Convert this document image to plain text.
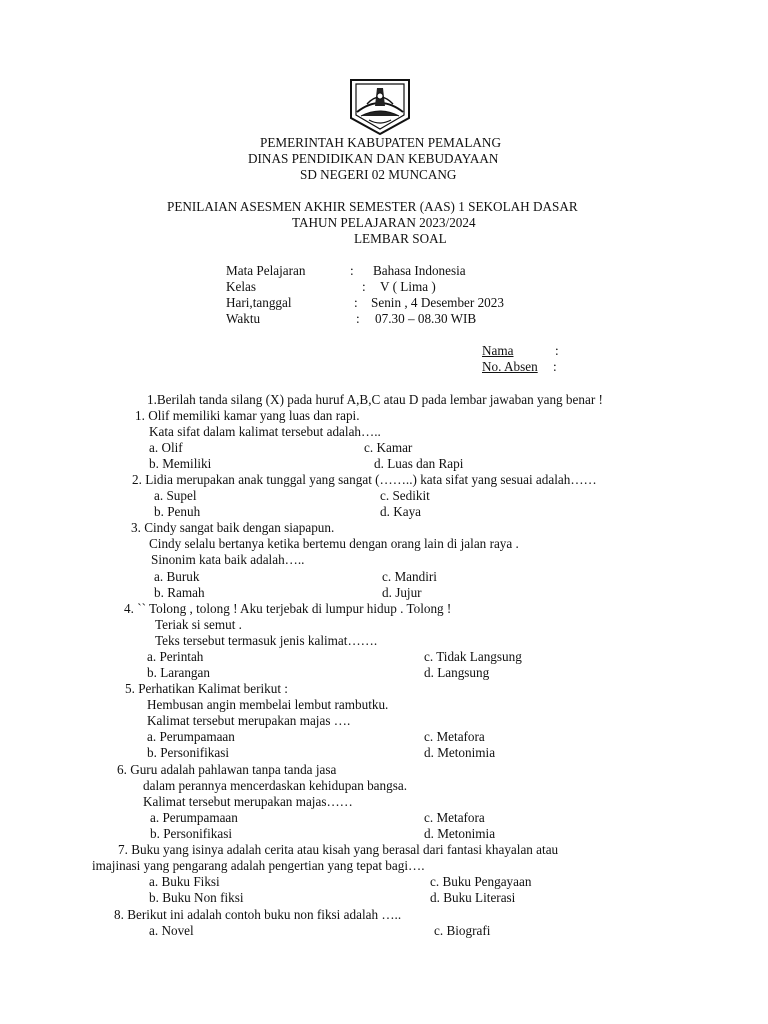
PEMERINTAH KABUPATEN PEMALANG
DINAS PENDIDIKAN DAN KEBUDAYAAN
SD NEGERI 02 MUNCANG
PENILAIAN ASESMEN AKHIR SEMESTER (AAS) 1 SEKOLAH DASAR
TAHUN PELAJARAN 2023/2024
LEMBAR SOAL
Mata Pelajaran	: Bahasa Indonesia
Kelas	: V ( Lima )
Hari,tanggal	: Senin , 4 Desember 2023
Waktu	: 07.30 – 08.30 WIB
Nama	:
No. Absen :
1.Berilah tanda silang (X) pada huruf A,B,C atau D pada lembar jawaban yang benar !
1. Olif memiliki kamar yang luas dan rapi.
Kata sifat dalam kalimat tersebut adalah…..
a. Olif
b. Memiliki
c. Kamar
d. Luas dan Rapi
2. Lidia merupakan anak tunggal yang sangat (……..) kata sifat yang sesuai adalah……
a. Supel
b. Penuh
c. Sedikit
d. Kaya
3. Cindy sangat baik dengan siapapun.
Cindy selalu bertanya ketika bertemu dengan orang lain di jalan raya .
Sinonim kata baik adalah…..
a. Buruk
b. Ramah
c. Mandiri
d. Jujur
4. `` Tolong , tolong ! Aku terjebak di lumpur hidup . Tolong !
Teriak si semut .
Teks tersebut termasuk jenis kalimat…….
a. Perintah
b. Larangan
c. Tidak Langsung
d. Langsung
5. Perhatikan Kalimat berikut :
Hembusan angin membelai lembut rambutku.
Kalimat tersebut merupakan majas ….
a. Perumpamaan
b. Personifikasi
c. Metafora
d. Metonimia
6. Guru adalah pahlawan tanpa tanda jasa
dalam perannya mencerdaskan kehidupan bangsa.
Kalimat tersebut merupakan majas……
a. Perumpamaan
b. Personifikasi
c. Metafora
d. Metonimia
7. Buku yang isinya adalah cerita atau kisah yang berasal dari fantasi khayalan atau
imajinasi yang pengarang adalah pengertian yang tepat bagi….
a. Buku Fiksi
b. Buku Non fiksi
c. Buku Pengayaan
d. Buku Literasi
8. Berikut ini adalah contoh buku non fiksi adalah …..
a. Novel	c. Biografi
